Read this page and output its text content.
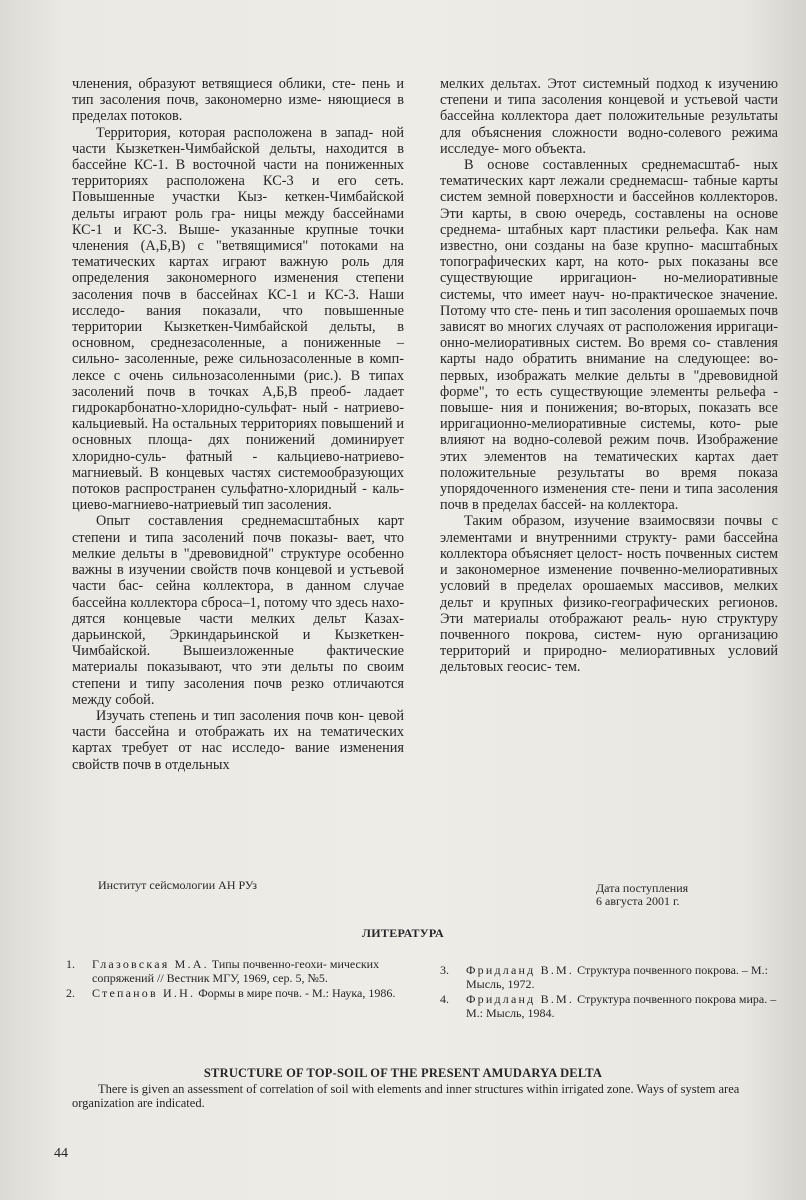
членения, образуют ветвящиеся облики, сте- пень и тип засоления почв, закономерно изме- няющиеся в пределах потоков.

Территория, которая расположена в запад- ной части Кызкеткен-Чимбайской дельты, находится в бассейне КС-1. В восточной части на пониженных территориях расположена КС-3 и его сеть. Повышенные участки Кыз- кеткен-Чимбайской дельты играют роль гра- ницы между бассейнами КС-1 и КС-3. Выше- указанные крупные точки членения (А,Б,В) с "ветвящимися" потоками на тематических картах играют важную роль для определения закономерного изменения степени засоления почв в бассейнах КС-1 и КС-3. Наши исследо- вания показали, что повышенные территории Кызкеткен-Чимбайской дельты, в основном, среднезасоленные, а пониженные – сильно- засоленные, реже сильнозасоленные в комп- лексе с очень сильнозасоленными (рис.). В типах засолений почв в точках А,Б,В преоб- ладает гидрокарбонатно-хлоридно-сульфат- ный - натриево-кальциевый. На остальных территориях повышений и основных площа- дях понижений доминирует хлоридно-суль- фатный - кальциево-натриево-магниевый. В концевых частях системообразующих потоков распространен сульфатно-хлоридный - каль- циево-магниево-натриевый тип засоления.

Опыт составления среднемасштабных карт степени и типа засолений почв показы- вает, что мелкие дельты в "древовидной" структуре особенно важны в изучении свойств почв концевой и устьевой части бас- сейна коллектора, в данном случае бассейна коллектора сброса–1, потому что здесь нахо- дятся концевые части мелких дельт Казах- дарьинской, Эркиндарьинской и Кызкеткен- Чимбайской. Вышеизложенные фактические материалы показывают, что эти дельты по своим степени и типу засоления почв резко отличаются между собой.

Изучать степень и тип засоления почв кон- цевой части бассейна и отображать их на тематических картах требует от нас исследо- вание изменения свойств почв в отдельных

мелких дельтах. Этот системный подход к изучению степени и типа засоления концевой и устьевой части бассейна коллектора дает положительные результаты для объяснения сложности водно-солевого режима исследуе- мого объекта.

В основе составленных среднемасштаб- ных тематических карт лежали среднемасш- табные карты систем земной поверхности и бассейнов коллекторов. Эти карты, в свою очередь, составлены на основе среднема- штабных карт пластики рельефа. Как нам известно, они созданы на базе крупно- масштабных топографических карт, на кото- рых показаны все существующие ирригацион- но-мелиоративные системы, что имеет науч- но-практическое значение. Потому что сте- пень и тип засоления орошаемых почв зависят во многих случаях от расположения ирригаци- онно-мелиоративных систем. Во время со- ставления карты надо обратить внимание на следующее: во-первых, изображать мелкие дельты в "древовидной форме", то есть существующие элементы рельефа - повыше- ния и понижения; во-вторых, показать все ирригационно-мелиоративные системы, кото- рые влияют на водно-солевой режим почв. Изображение этих элементов на тематических картах дает положительные результаты во время показа упорядоченного изменения сте- пени и типа засоления почв в пределах бассей- на коллектора.

Таким образом, изучение взаимосвязи почвы с элементами и внутренними структу- рами бассейна коллектора объясняет целост- ность почвенных систем и закономерное изменение почвенно-мелиоративных условий в пределах орошаемых массивов, мелких дельт и крупных физико-географических регионов. Эти материалы отображают реаль- ную структуру почвенного покрова, систем- ную организацию территорий и природно- мелиоративных условий дельтовых геосис- тем.

Институт сейсмологии АН РУз	Дата поступления
6 августа 2001 г.
ЛИТЕРАТУРА
1.	Глазовская М.А. Типы почвенно-геохи- мических сопряжений // Вестник МГУ, 1969, сер. 5, №5.
2.	Степанов И.Н. Формы в мире почв. - М.: Наука, 1986.
3.	Фридланд В.М. Структура почвенного покрова. – М.: Мысль, 1972.
4.	Фридланд В.М. Структура почвенного покрова мира. – М.: Мысль, 1984.
STRUCTURE OF TOP-SOIL OF THE PRESENT AMUDARYA DELTA
There is given an assessment of correlation of soil with elements and inner structures within irrigated zone. Ways of system area organization are indicated.
44
